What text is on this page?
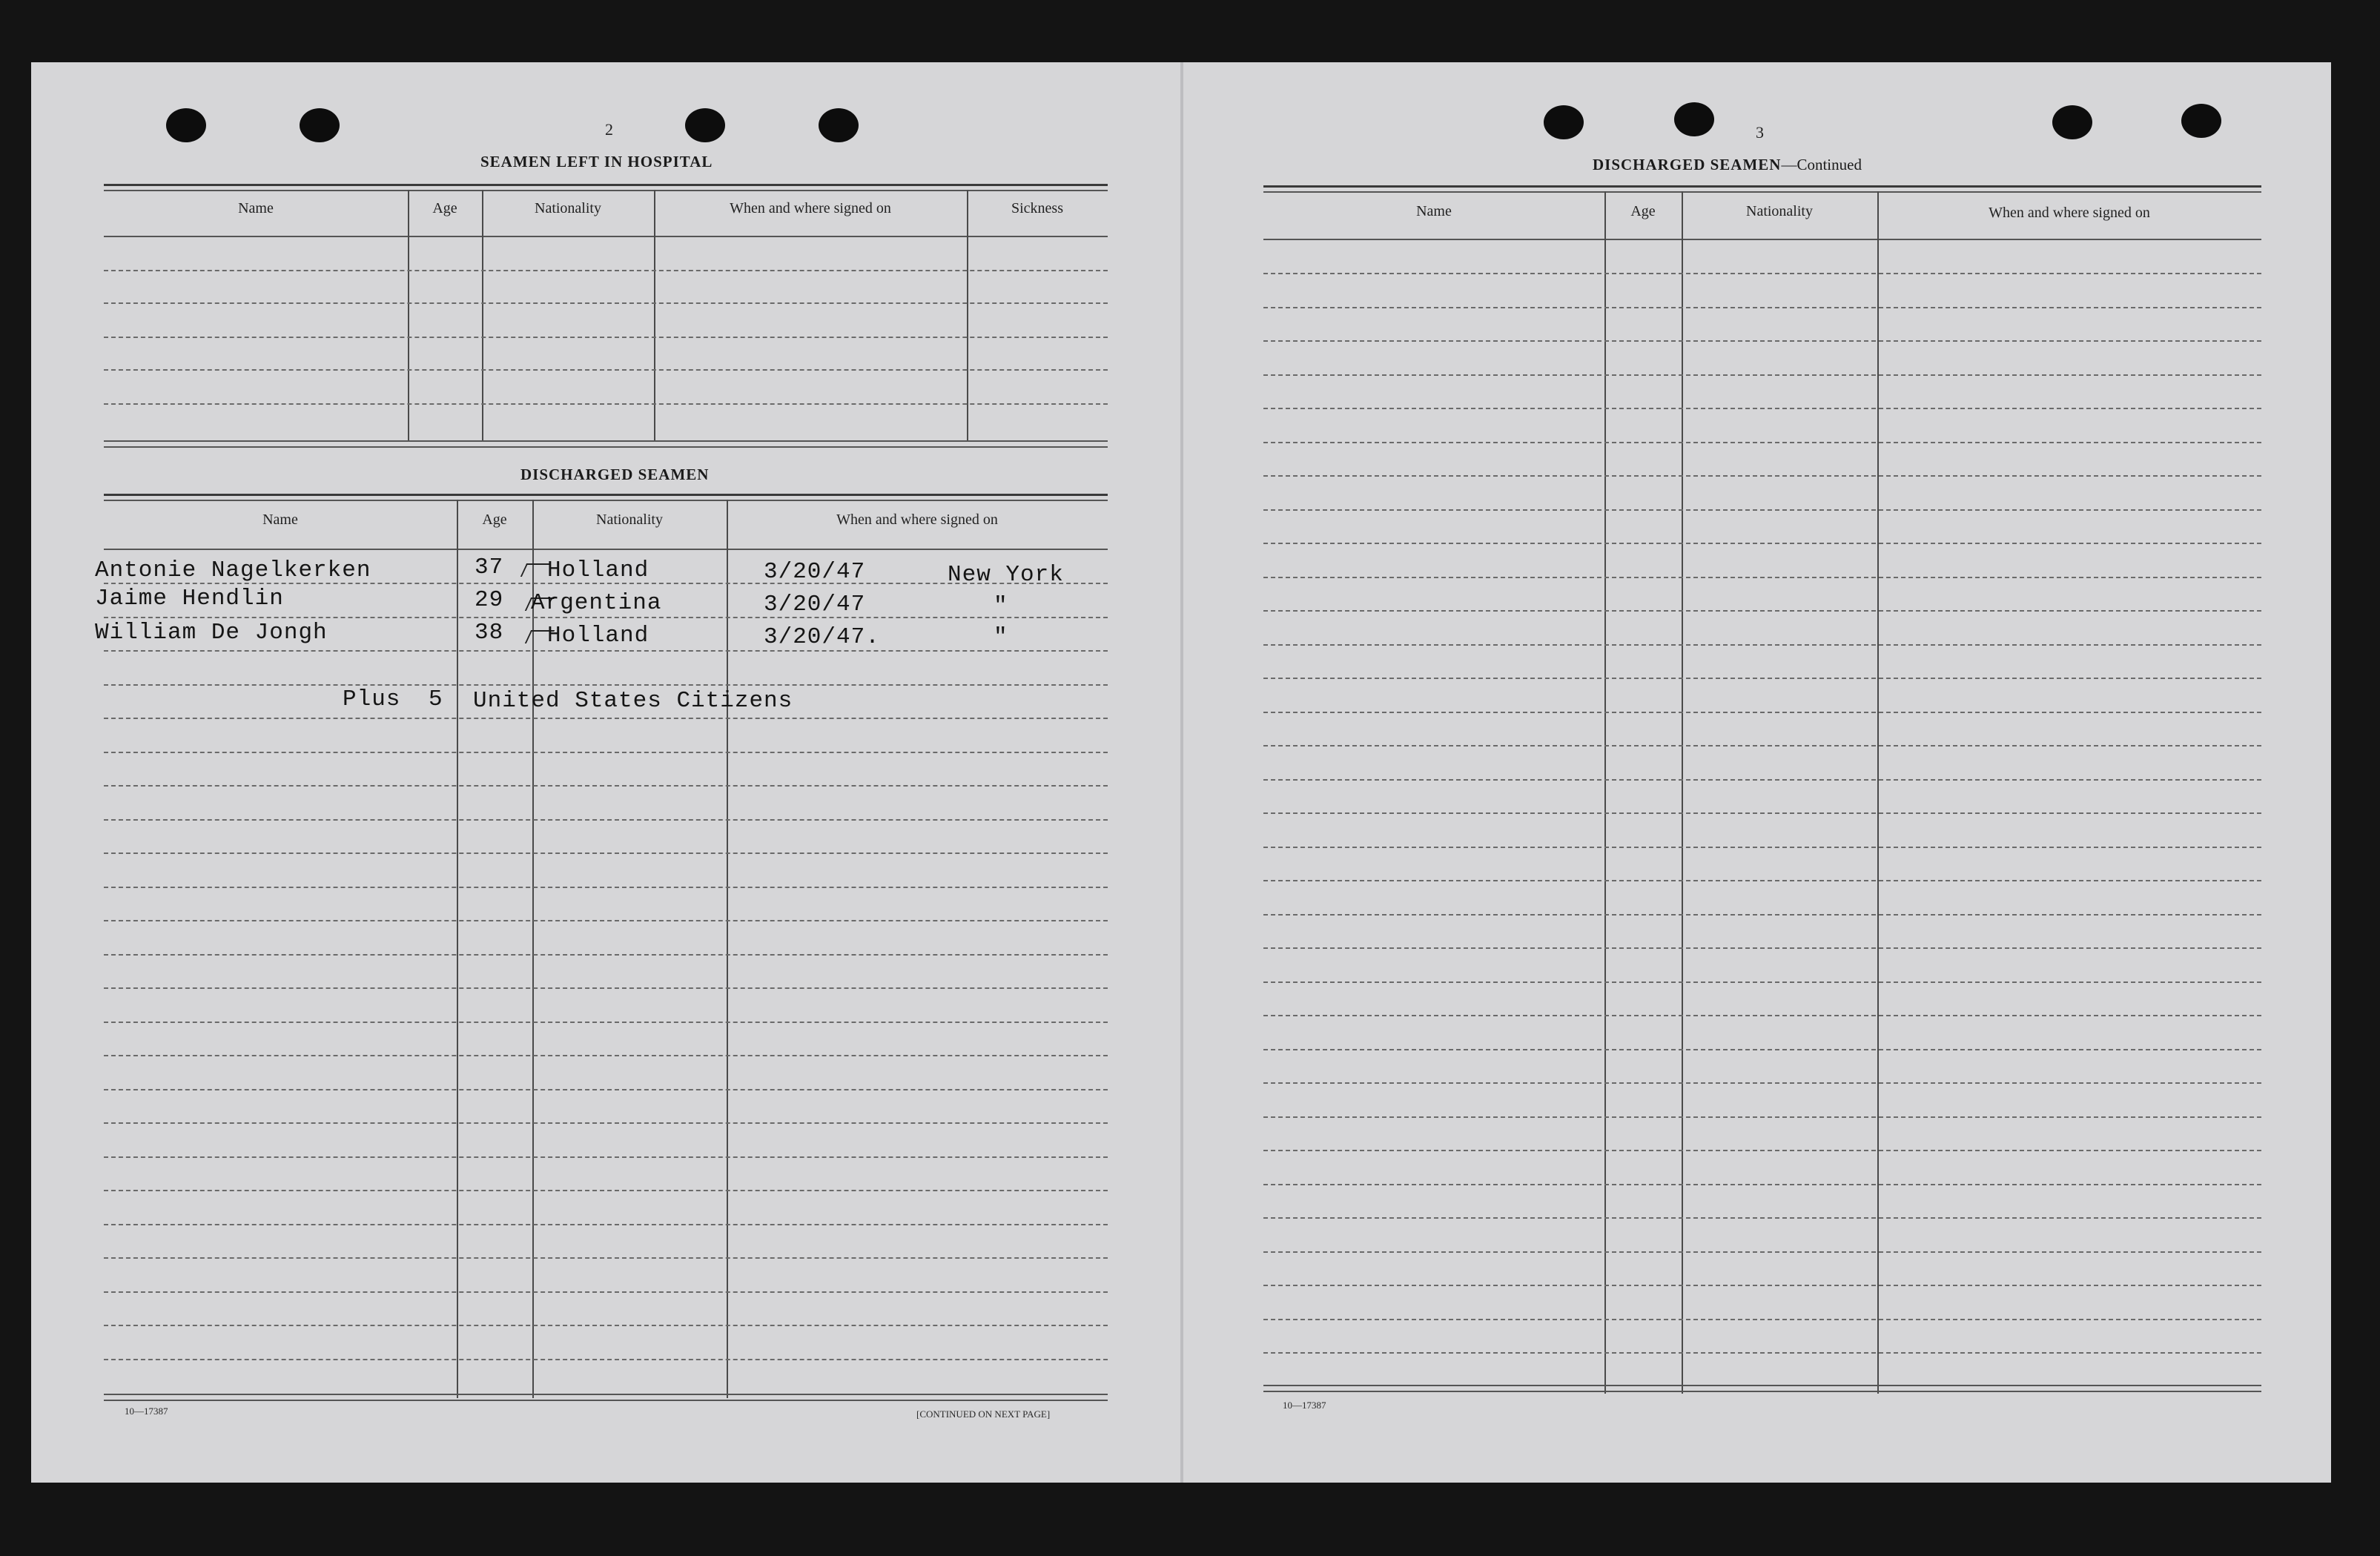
2
SEAMEN LEFT IN HOSPITAL
Name	Age	Nationality	When and where signed on	Sickness
DISCHARGED SEAMEN
Name	Age	Nationality	When and where signed on
Antonie Nagelkerken	37 Holland	3/20/47	New York
Jaime Hendlin	29 Argentina	3/20/47	"
William De Jongh	38 Holland	3/20/47.	"
Plus 5 United States Citizens
10—17387	[CONTINUED ON NEXT PAGE]
3
DISCHARGED SEAMEN—Continued
Name	Age	Nationality	When and where signed on
10—17387
